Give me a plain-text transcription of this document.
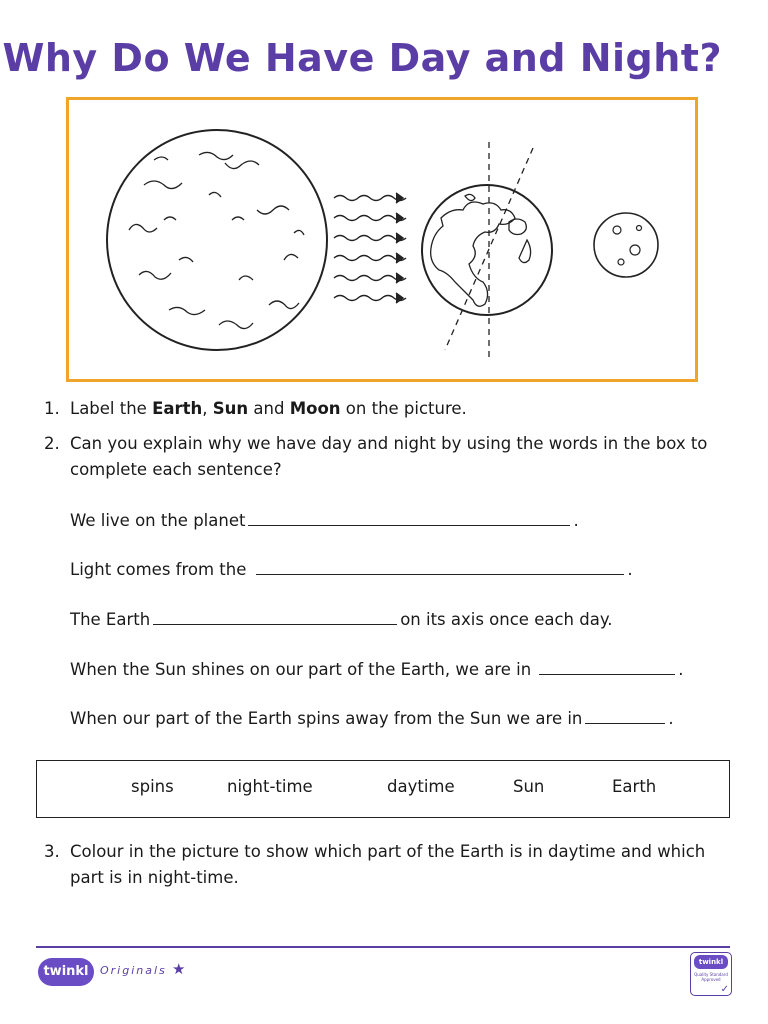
Why Do We Have Day and Night?
1. Label the Earth, Sun and Moon on the picture.
2. Can you explain why we have day and night by using the words in the box to complete each sentence?
We live on the planet	.
Light comes from the	.
The Earth	on its axis once each day.
When the Sun shines on our part of the Earth, we are in	.
When our part of the Earth spins away from the Sun we are in	.
spins	night-time	daytime	Sun	Earth
3. Colour in the picture to show which part of the Earth is in daytime and which part is in night-time.
twinkl	Originals ★	twinkl
Quality Standard Approved
✓
